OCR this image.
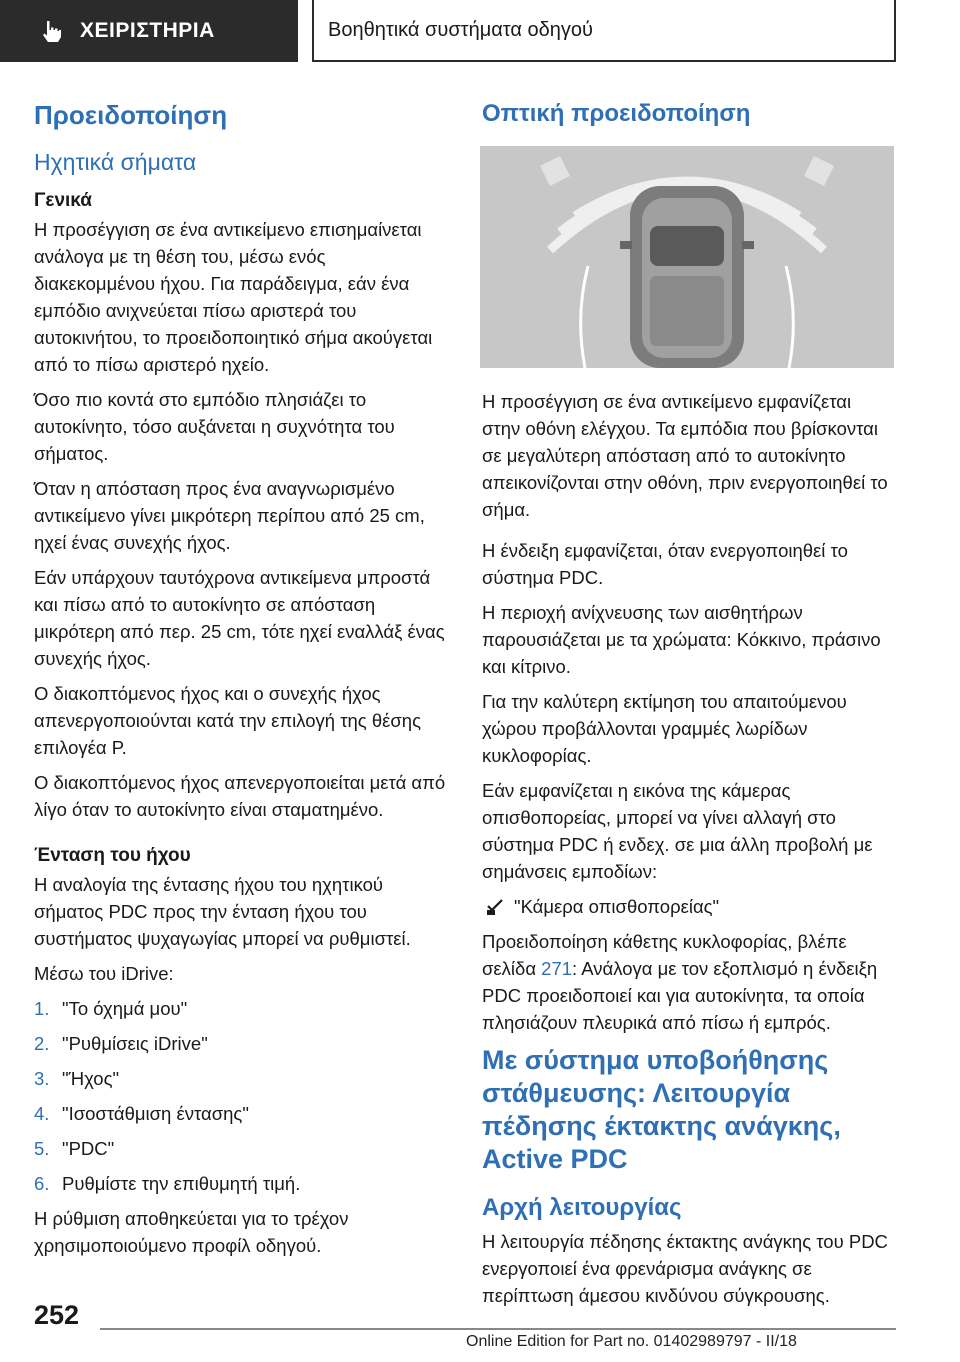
ΧΕΙΡΙΣΤΗΡΙΑ	Βοηθητικά συστήματα οδηγού
Προειδοποίηση
Ηχητικά σήματα
Γενικά

Η προσέγγιση σε ένα αντικείμενο επισημαίνεται ανάλογα με τη θέση του, μέσω ενός διακεκομμένου ήχου. Για παράδειγμα, εάν ένα εμπόδιο ανιχνεύεται πίσω αριστερά του αυτοκινήτου, το προειδοποιητικό σήμα ακούγεται από το πίσω αριστερό ηχείο.

Όσο πιο κοντά στο εμπόδιο πλησιάζει το αυτοκίνητο, τόσο αυξάνεται η συχνότητα του σήματος.

Όταν η απόσταση προς ένα αναγνωρισμένο αντικείμενο γίνει μικρότερη περίπου από 25 cm, ηχεί ένας συνεχής ήχος.

Εάν υπάρχουν ταυτόχρονα αντικείμενα μπροστά και πίσω από το αυτοκίνητο σε απόσταση μικρότερη από περ. 25 cm, τότε ηχεί εναλλάξ ένας συνεχής ήχος.

Ο διακοπτόμενος ήχος και ο συνεχής ήχος απενεργοποιούνται κατά την επιλογή της θέσης επιλογέα P.

Ο διακοπτόμενος ήχος απενεργοποιείται μετά από λίγο όταν το αυτοκίνητο είναι σταματημένο.

Ένταση του ήχου

Η αναλογία της έντασης ήχου του ηχητικού σήματος PDC προς την ένταση ήχου του συστήματος ψυχαγωγίας μπορεί να ρυθμιστεί.

Μέσω του iDrive:

1. "Το όχημά μου"
2. "Ρυθμίσεις iDrive"
3. "Ήχος"
4. "Ισοστάθμιση έντασης"
5. "PDC"
6. Ρυθμίστε την επιθυμητή τιμή.

Η ρύθμιση αποθηκεύεται για το τρέχον χρησιμοποιούμενο προφίλ οδηγού.

Οπτική προειδοποίηση

Η προσέγγιση σε ένα αντικείμενο εμφανίζεται στην οθόνη ελέγχου. Τα εμπόδια που βρίσκονται σε μεγαλύτερη απόσταση από το αυτοκίνητο απεικονίζονται στην οθόνη, πριν ενεργοποιηθεί το σήμα.

Η ένδειξη εμφανίζεται, όταν ενεργοποιηθεί το σύστημα PDC.

Η περιοχή ανίχνευσης των αισθητήρων παρουσιάζεται με τα χρώματα: Κόκκινο, πράσινο και κίτρινο.

Για την καλύτερη εκτίμηση του απαιτούμενου χώρου προβάλλονται γραμμές λωρίδων κυκλοφορίας.

Εάν εμφανίζεται η εικόνα της κάμερας οπισθοπορείας, μπορεί να γίνει αλλαγή στο σύστημα PDC ή ενδεχ. σε μια άλλη προβολή με σημάνσεις εμποδίων:

"Κάμερα οπισθοπορείας"

Προειδοποίηση κάθετης κυκλοφορίας, βλέπε σελίδα 271: Ανάλογα με τον εξοπλισμό η ένδειξη PDC προειδοποιεί και για αυτοκίνητα, τα οποία πλησιάζουν πλευρικά από πίσω ή εμπρός.

Με σύστημα υποβοήθησης στάθμευσης: Λειτουργία πέδησης έκτακτης ανάγκης, Active PDC
Αρχή λειτουργίας

Η λειτουργία πέδησης έκτακτης ανάγκης του PDC ενεργοποιεί ένα φρενάρισμα ανάγκης σε περίπτωση άμεσου κινδύνου σύγκρουσης.

252
Online Edition for Part no. 01402989797 - II/18
